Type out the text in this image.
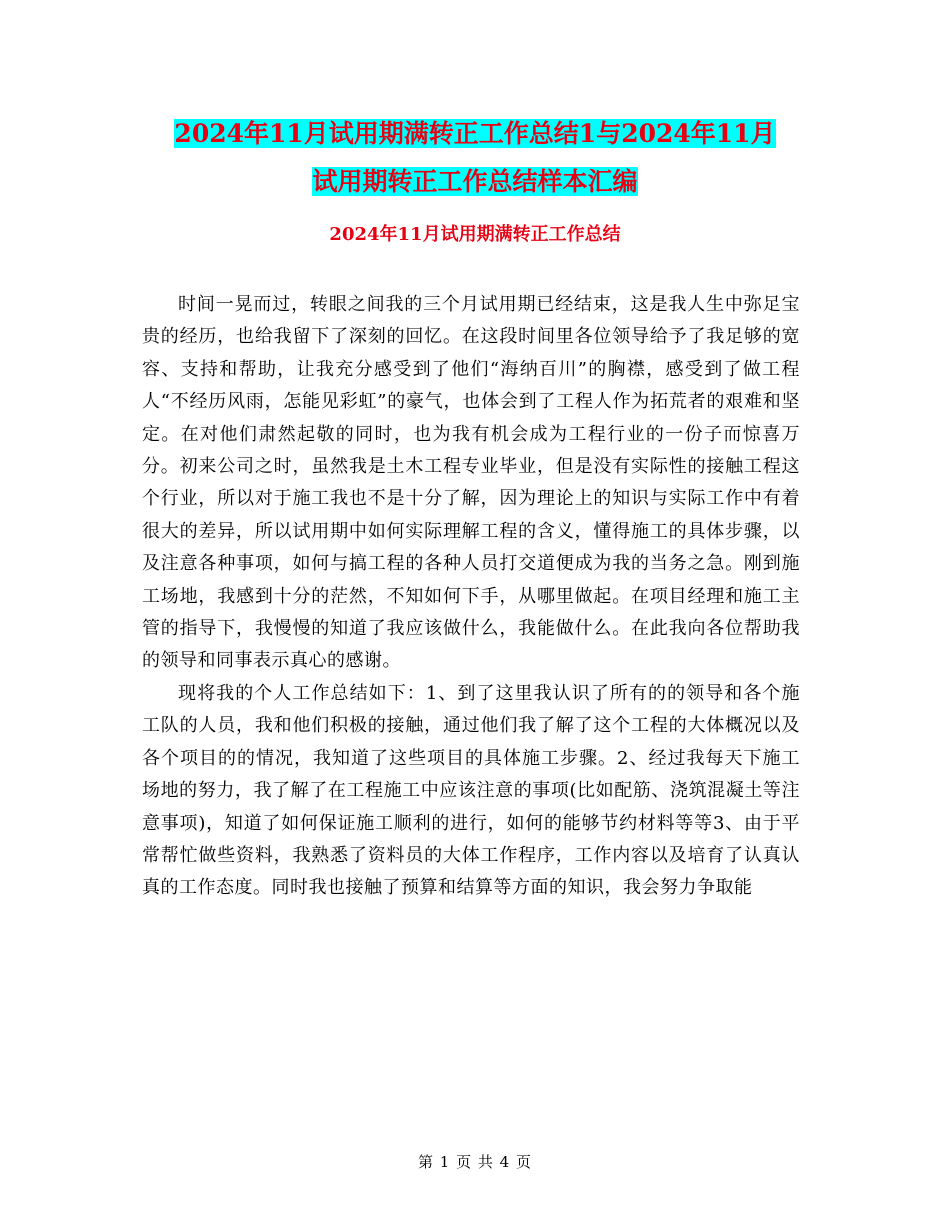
2024年11月试用期满转正工作总结1与2024年11月
试用期转正工作总结样本汇编
2024年11月试用期满转正工作总结

时间一晃而过，转眼之间我的三个月试用期已经结束，这是我人生中弥足宝贵的经历，也给我留下了深刻的回忆。在这段时间里各位领导给予了我足够的宽容、支持和帮助，让我充分感受到了他们“海纳百川”的胸襟，感受到了做工程人“不经历风雨，怎能见彩虹”的豪气，也体会到了工程人作为拓荒者的艰难和坚定。在对他们肃然起敬的同时，也为我有机会成为工程行业的一份子而惊喜万分。初来公司之时，虽然我是土木工程专业毕业，但是没有实际性的接触工程这个行业，所以对于施工我也不是十分了解，因为理论上的知识与实际工作中有着很大的差异，所以试用期中如何实际理解工程的含义，懂得施工的具体步骤，以及注意各种事项，如何与搞工程的各种人员打交道便成为我的当务之急。刚到施工场地，我感到十分的茫然，不知如何下手，从哪里做起。在项目经理和施工主管的指导下，我慢慢的知道了我应该做什么，我能做什么。在此我向各位帮助我的领导和同事表示真心的感谢。

现将我的个人工作总结如下：1、到了这里我认识了所有的的领导和各个施工队的人员，我和他们积极的接触，通过他们我了解了这个工程的大体概况以及各个项目的的情况，我知道了这些项目的具体施工步骤。2、经过我每天下施工场地的努力，我了解了在工程施工中应该注意的事项(比如配筋、浇筑混凝土等注意事项)，知道了如何保证施工顺利的进行，如何的能够节约材料等等3、由于平常帮忙做些资料，我熟悉了资料员的大体工作程序，工作内容以及培育了认真认真的工作态度。同时我也接触了预算和结算等方面的知识，我会努力争取能

第 1 页 共 4 页
